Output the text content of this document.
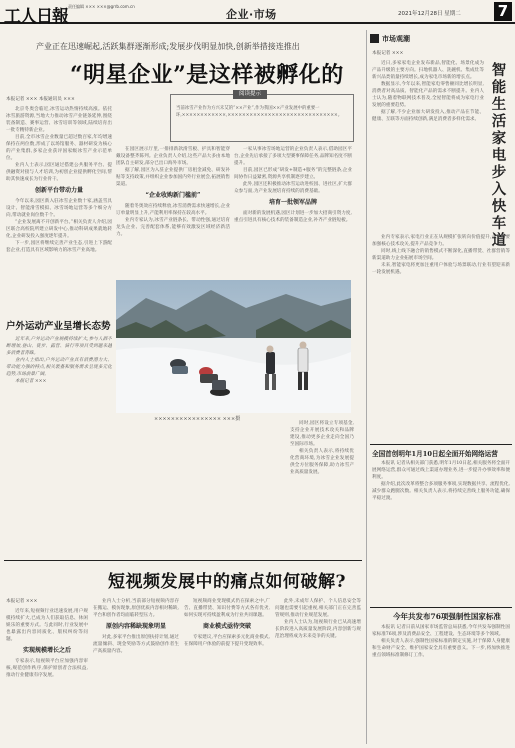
工人日報
责任编辑 ××× ×××@grrb.com.cn
企业·市场	2021年12月28日 星期二 7
产业正在迅速崛起,活跃集群逐渐形成;发展步伐明显加快,创新举措接连推出
“明星企业”是这样被孵化的
本报记者 ××× 本报通讯员 ×××

北京冬奥会临近,冰雪运动热情持续高涨。依托冰雪旅游资源,当地大力推动冰雪产业链条延伸,围绕装备制造、赛事运营、冰雪培训等领域,陆续培育出一批专精特新企业。

目前,全市冰雪企业数量已超过数百家,年均增速保持在两位数,形成了以场馆服务、器材研发为核心的产业集群,多家企业获评国家级冰雪产业示范单位。

业内人士表示,园区通过搭建公共服务平台、提供融资对接与人才培训,为初创企业提供孵化空间,帮助其快速成长为行业骨干。

创新平台带动力量

今年以来,园区新入驻冰雪企业数十家,涵盖雪具设计、智能滑雪模拟、冰雪场地运营等多个细分方向,带动就业岗位数千个。

“企业发展离不开创新平台。”相关负责人介绍,园区联合高校院所建立研发中心,推动科研成果就地转化,企业研发投入强度逐年提升。

下一步,园区将继续完善产业生态,引进上下游配套企业,打造具有区域影响力的冰雪产业高地。

阅读提示
当前冰雪产业作为方兴未艾的“××产业”,作为我国××产业发展中的重要一环,××××××××××××,××××××××××××××××××××××××××××××。

在园区展示厅里,一排排新款滑雪板、护具和智能穿戴设备整齐陈列。企业负责人介绍,这些产品大多由本地团队自主研发,部分已出口海外市场。

据了解,园区为入驻企业提供厂房租金减免、研发补贴等支持政策,并组织企业参加国内外行业展会,拓展销售渠道。

“企业收购新门槛前”

随着冬奥效应持续释放,冰雪消费需求快速增长,企业订单量明显上升,产能利用率保持在较高水平。

业内专家认为,冰雪产业链条长、带动性强,通过培育龙头企业、完善配套体系,能够有效激发区域经济新活力。

一家从事冰雪场地运营的企业负责人表示,借助园区平台,企业先后承接了多项大型赛事保障任务,品牌知名度不断提升。

目前,园区已形成“研发+制造+服务”的完整链条,企业间协作日益紧密,资源共享机制逐步建立。

此外,园区还积极推动冰雪运动进校园、进社区,扩大群众参与面,为产业发展培育持续的消费基础。

培育一批领军品牌

面对新的发展机遇,园区计划进一步加大招商引资力度,重点引进具有核心技术的装备制造企业,补齐产业链短板。

同时,园区将设立专项基金,支持企业开展技术攻关和品牌建设,推动更多企业走向全国乃至国际市场。

相关负责人表示,将持续优化营商环境,为冰雪企业发展提供全方位服务保障,助力冰雪产业高质量发展。

×××××××××××××××× ×××摄
户外运动产业呈增长态势

近年来,户外运动产业规模持续扩大,参与人群不断增加,登山、徒步、露营、骑行等项目受到越来越多消费者青睐。

业内人士指出,户外运动产业具有消费潜力大、带动能力强的特点,相关装备和服务需求呈现多元化趋势,市场前景广阔。

本报记者 ×××

短视频发展中的痛点如何破解?
本报记者 ×××

近年来,短视频行业迅速发展,用户规模持续扩大,已成为人们获取信息、休闲娱乐的重要方式。与此同时,行业发展中也暴露出内容同质化、版权纠纷等问题。

实现规模增长之后

专家表示,短视频平台应加强内容审核,规范创作秩序,保护原创者合法权益,推动行业健康有序发展。

业内人士分析,当前部分短视频内容存在搬运、模仿现象,原创优质内容相对稀缺,平台和创作者均面临转型压力。

原创内容稀缺现象明显

对此,多家平台推出原创扶持计划,通过流量倾斜、现金奖励等方式鼓励创作者生产高质量内容。

短视频商业变现模式仍在探索之中,广告、直播带货、知识付费等方式各有优劣,如何实现可持续盈利成为行业共同课题。

商业模式亟待突破

专家建议,平台应探索多元化商业模式,在保障用户体验的前提下提升变现效率。

此外,未成年人保护、个人信息安全等问题也需要引起重视,相关部门正在完善监管规则,推动行业规范发展。

业内人士认为,短视频行业已从高速增长阶段进入高质量发展阶段,内容创新与规范治理将成为未来竞争的关键。

市场观潮
本报记者 ×××
智能生活家电步入快车道

近日,多家家电企业发布新品,智能化、场景化成为产品升级的主要方向。扫地机器人、洗碗机、集成灶等新兴品类销量持续增长,成为家电市场新的增长点。

数据显示,今年以来,智能家电零售额同比增长明显,消费者对高品质、智能化产品的需求不断提升。业内人士认为,随着物联网技术普及,全屋智能将成为家电行业发展的重要趋势。

据了解,不少企业加大研发投入,推动产品在节能、健康、互联等方面持续创新,满足消费者多样化需求。

业内专家表示,家电行业正在从规模扩张转向价值提升,企业需要加强核心技术攻关,提升产品竞争力。

同时,线上线下融合的销售模式不断深化,直播带货、社群营销等新渠道助力企业拓展市场空间。

未来,智能家电将更加注重用户体验与场景联动,行业有望迎来新一轮发展机遇。

全国首创明年1月10日起全面开始网络运营

本报讯 记者从相关部门获悉,明年1月10日起,相关服务将全面开展网络运营,群众可通过线上渠道办理业务,进一步提升办事效率和便利度。

据介绍,此次改革将整合多项服务事项,实现数据共享、流程优化,减少群众跑腿次数。相关负责人表示,将持续完善线上服务功能,确保平稳过渡。

今年共发布76项强制性国家标准

本报讯 记者日前从国家市场监管总局获悉,今年共发布强制性国家标准76项,涉及消费品安全、工程建设、生态环境等多个领域。

相关负责人表示,强制性国家标准的制定实施,对于保障人身健康和生命财产安全、维护国家安全具有重要意义。下一步,将加快推进重点领域标准制修订工作。
